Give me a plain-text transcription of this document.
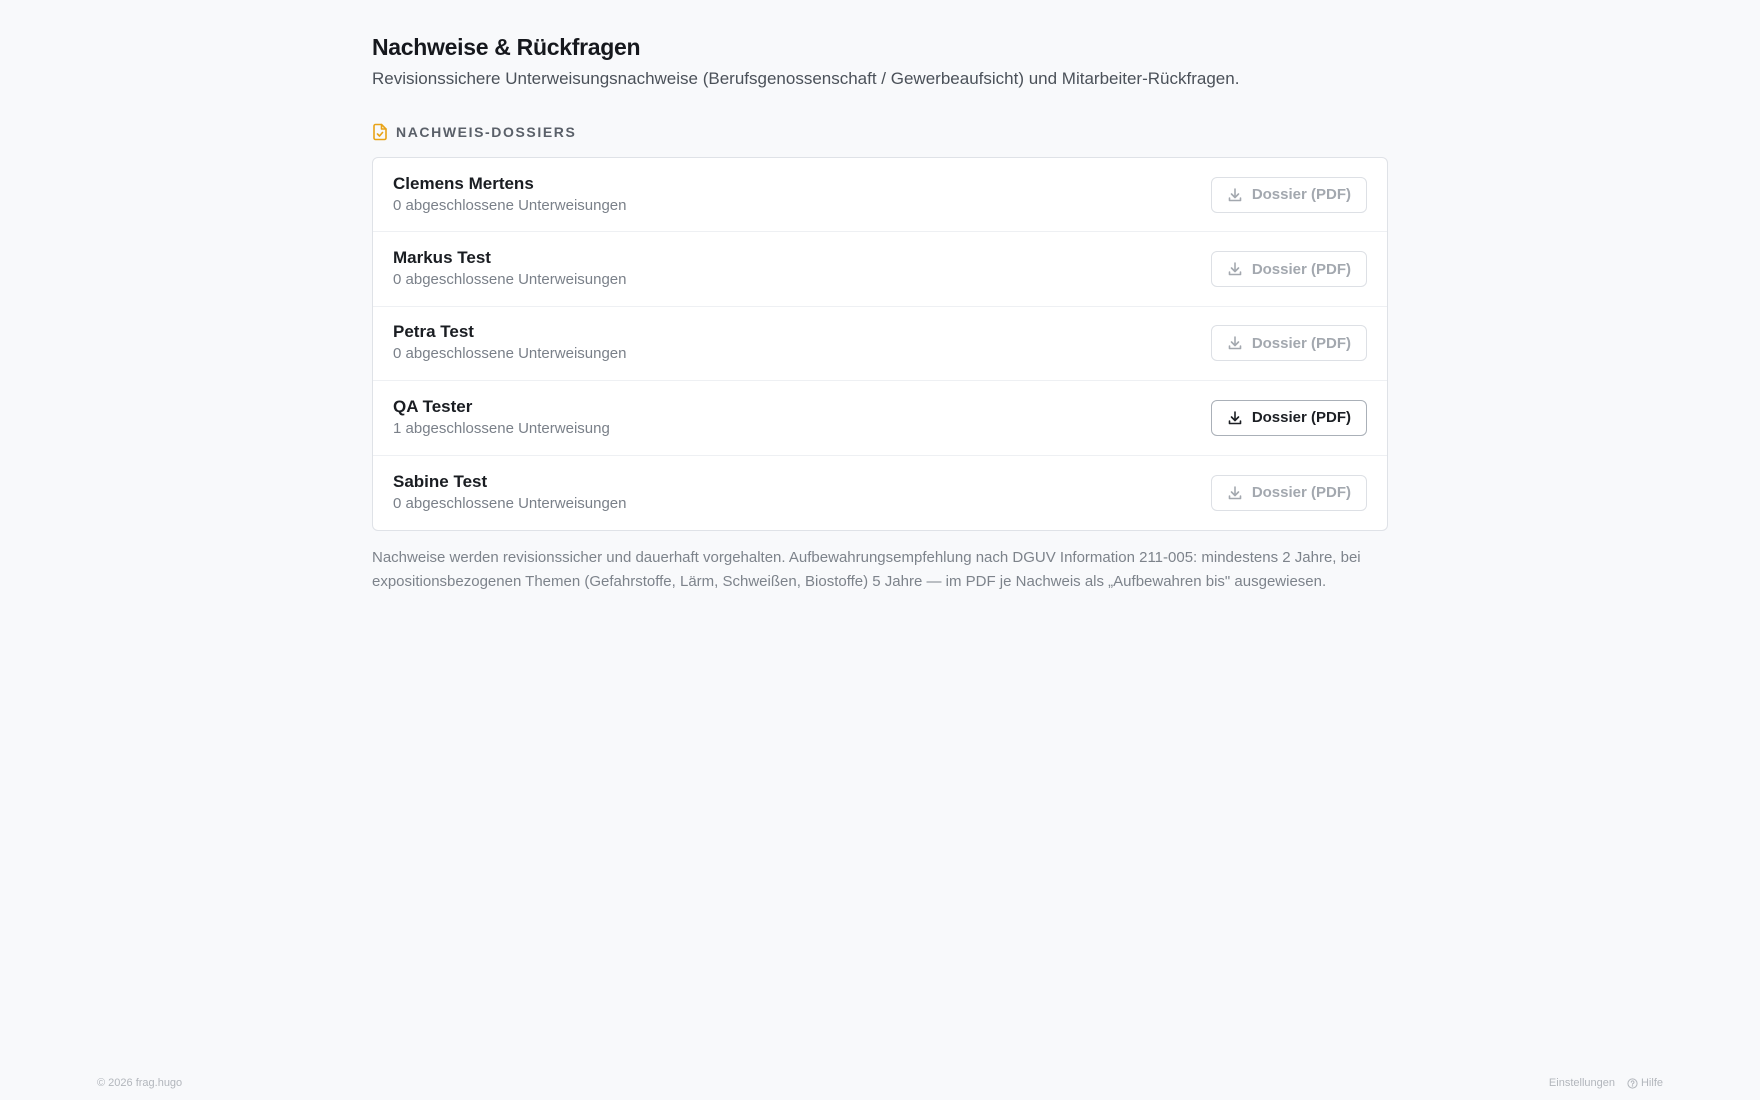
Nachweise & Rückfragen
Revisionssichere Unterweisungsnachweise (Berufsgenossenschaft / Gewerbeaufsicht) und Mitarbeiter-Rückfragen.
NACHWEIS-DOSSIERS
Clemens Mertens
0 abgeschlossene Unterweisungen
Dossier (PDF)
Markus Test
0 abgeschlossene Unterweisungen
Dossier (PDF)
Petra Test
0 abgeschlossene Unterweisungen
Dossier (PDF)
QA Tester
1 abgeschlossene Unterweisung
Dossier (PDF)
Sabine Test
0 abgeschlossene Unterweisungen
Dossier (PDF)
Nachweise werden revisionssicher und dauerhaft vorgehalten. Aufbewahrungsempfehlung nach DGUV Information 211-005: mindestens 2 Jahre, bei expositionsbezogenen Themen (Gefahrstoffe, Lärm, Schweißen, Biostoffe) 5 Jahre — im PDF je Nachweis als „Aufbewahren bis" ausgewiesen.
© 2026 frag.hugo	Einstellungen Hilfe
